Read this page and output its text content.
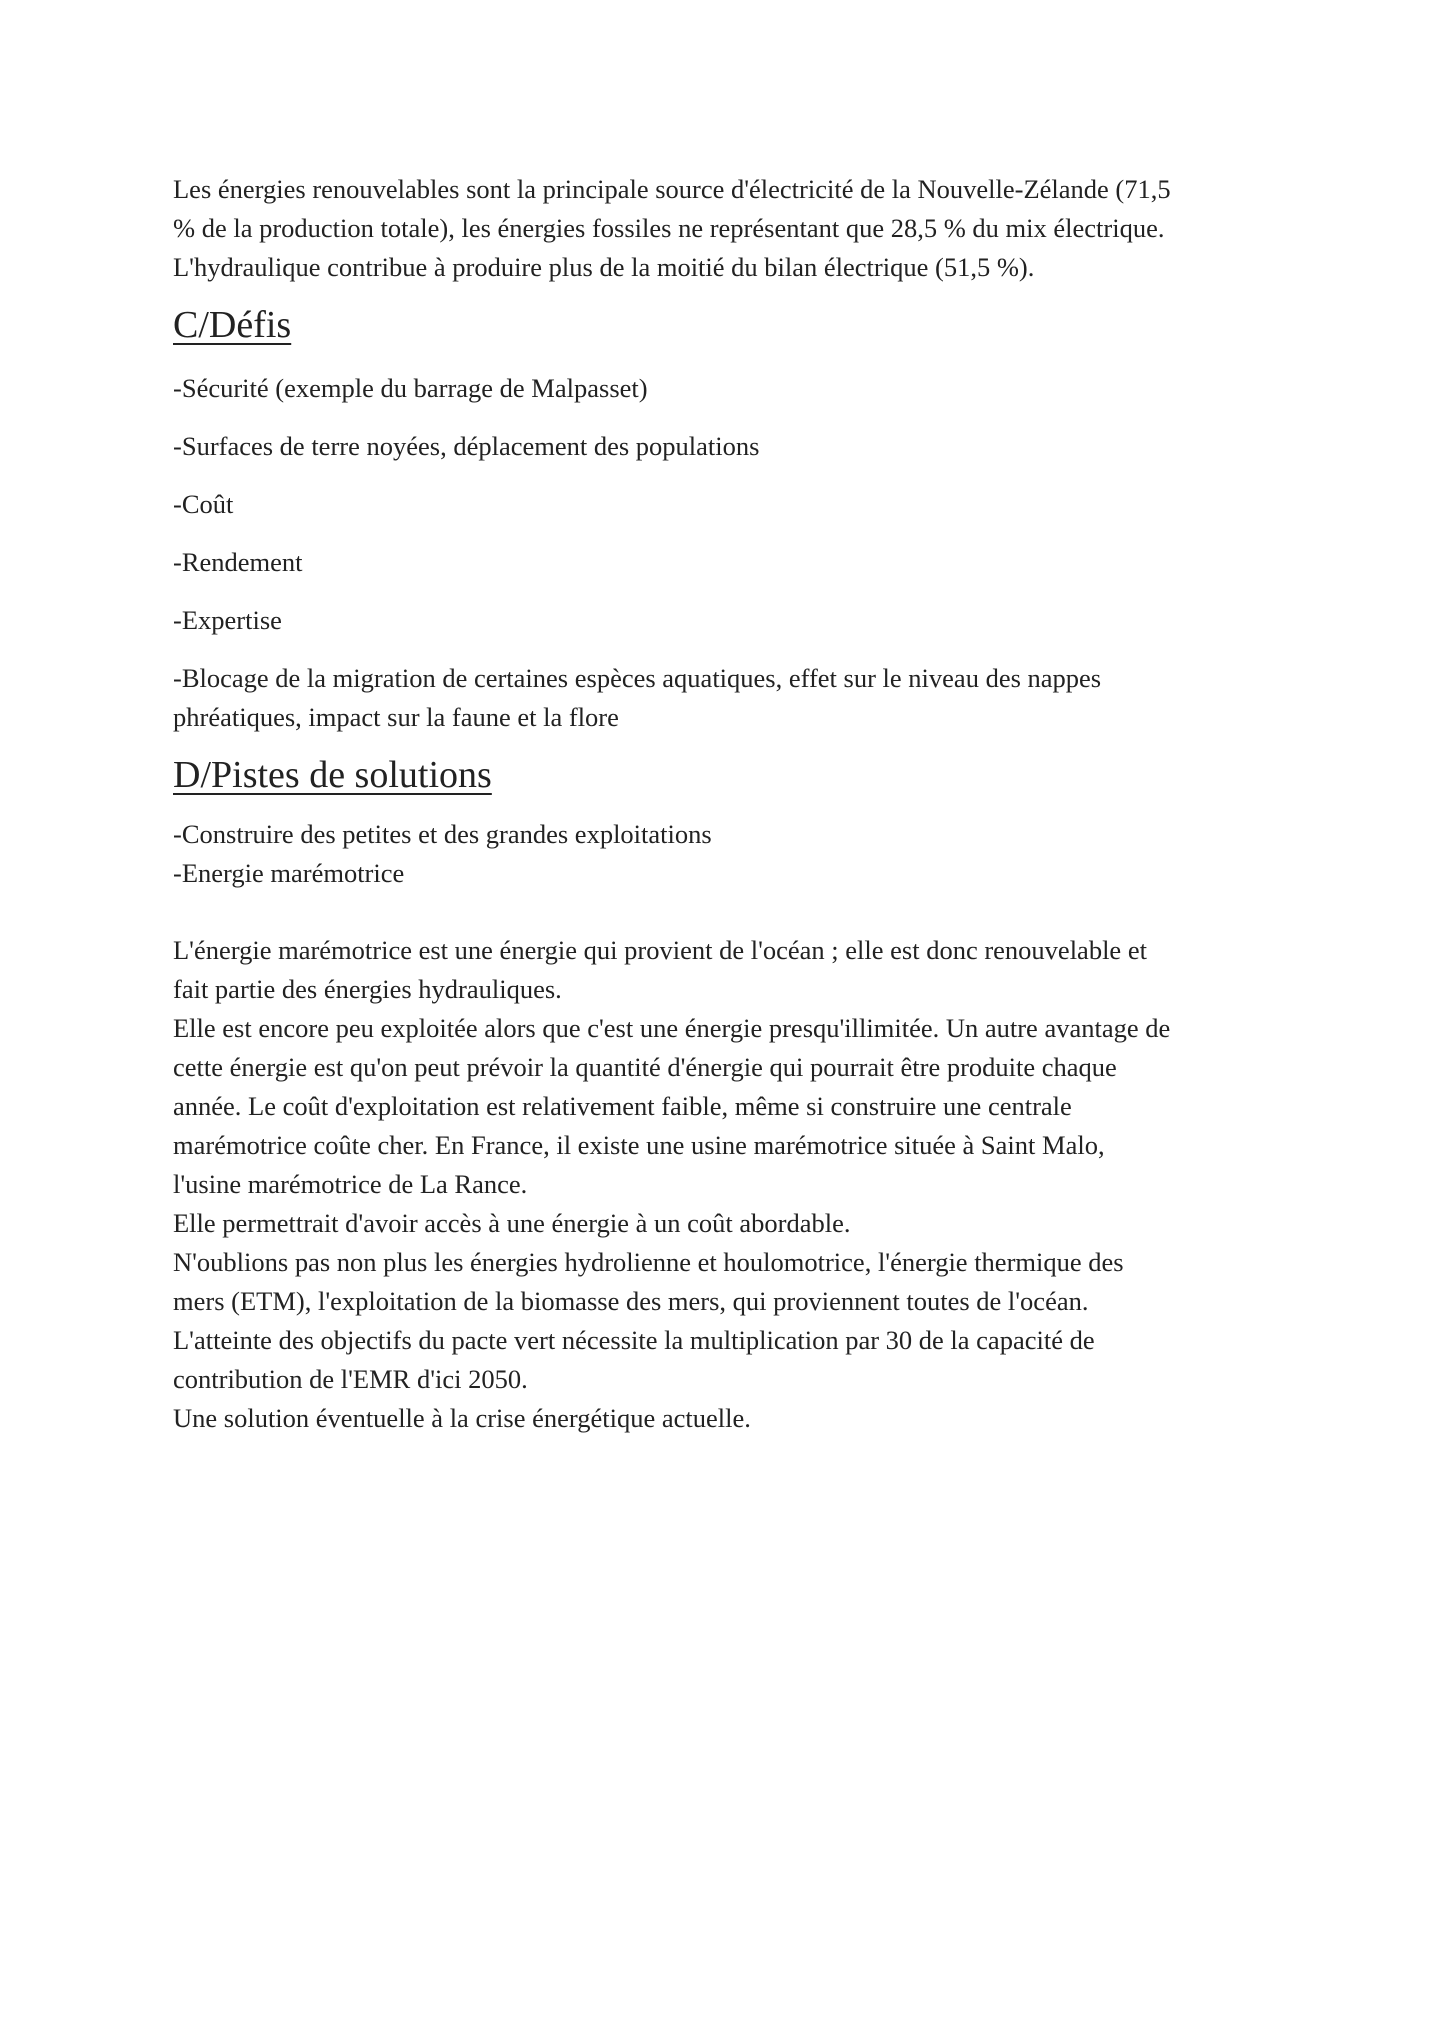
Les énergies renouvelables sont la principale source d'électricité de la Nouvelle-Zélande (71,5
% de la production totale), les énergies fossiles ne représentant que 28,5 % du mix électrique.
L'hydraulique contribue à produire plus de la moitié du bilan électrique (51,5 %).

C/Défis

-Sécurité (exemple du barrage de Malpasset)

-Surfaces de terre noyées, déplacement des populations

-Coût

-Rendement

-Expertise

-Blocage de la migration de certaines espèces aquatiques, effet sur le niveau des nappes
phréatiques, impact sur la faune et la flore

D/Pistes de solutions

-Construire des petites et des grandes exploitations

-Energie marémotrice

L'énergie marémotrice est une énergie qui provient de l'océan ; elle est donc renouvelable et
fait partie des énergies hydrauliques.
Elle est encore peu exploitée alors que c'est une énergie presqu'illimitée. Un autre avantage de
cette énergie est qu'on peut prévoir la quantité d'énergie qui pourrait être produite chaque
année. Le coût d'exploitation est relativement faible, même si construire une centrale
marémotrice coûte cher. En France, il existe une usine marémotrice située à Saint Malo,
l'usine marémotrice de La Rance.
Elle permettrait d'avoir accès à une énergie à un coût abordable.
N'oublions pas non plus les énergies hydrolienne et houlomotrice, l'énergie thermique des
mers (ETM), l'exploitation de la biomasse des mers, qui proviennent toutes de l'océan.
L'atteinte des objectifs du pacte vert nécessite la multiplication par 30 de la capacité de
contribution de l'EMR d'ici 2050.
Une solution éventuelle à la crise énergétique actuelle.
